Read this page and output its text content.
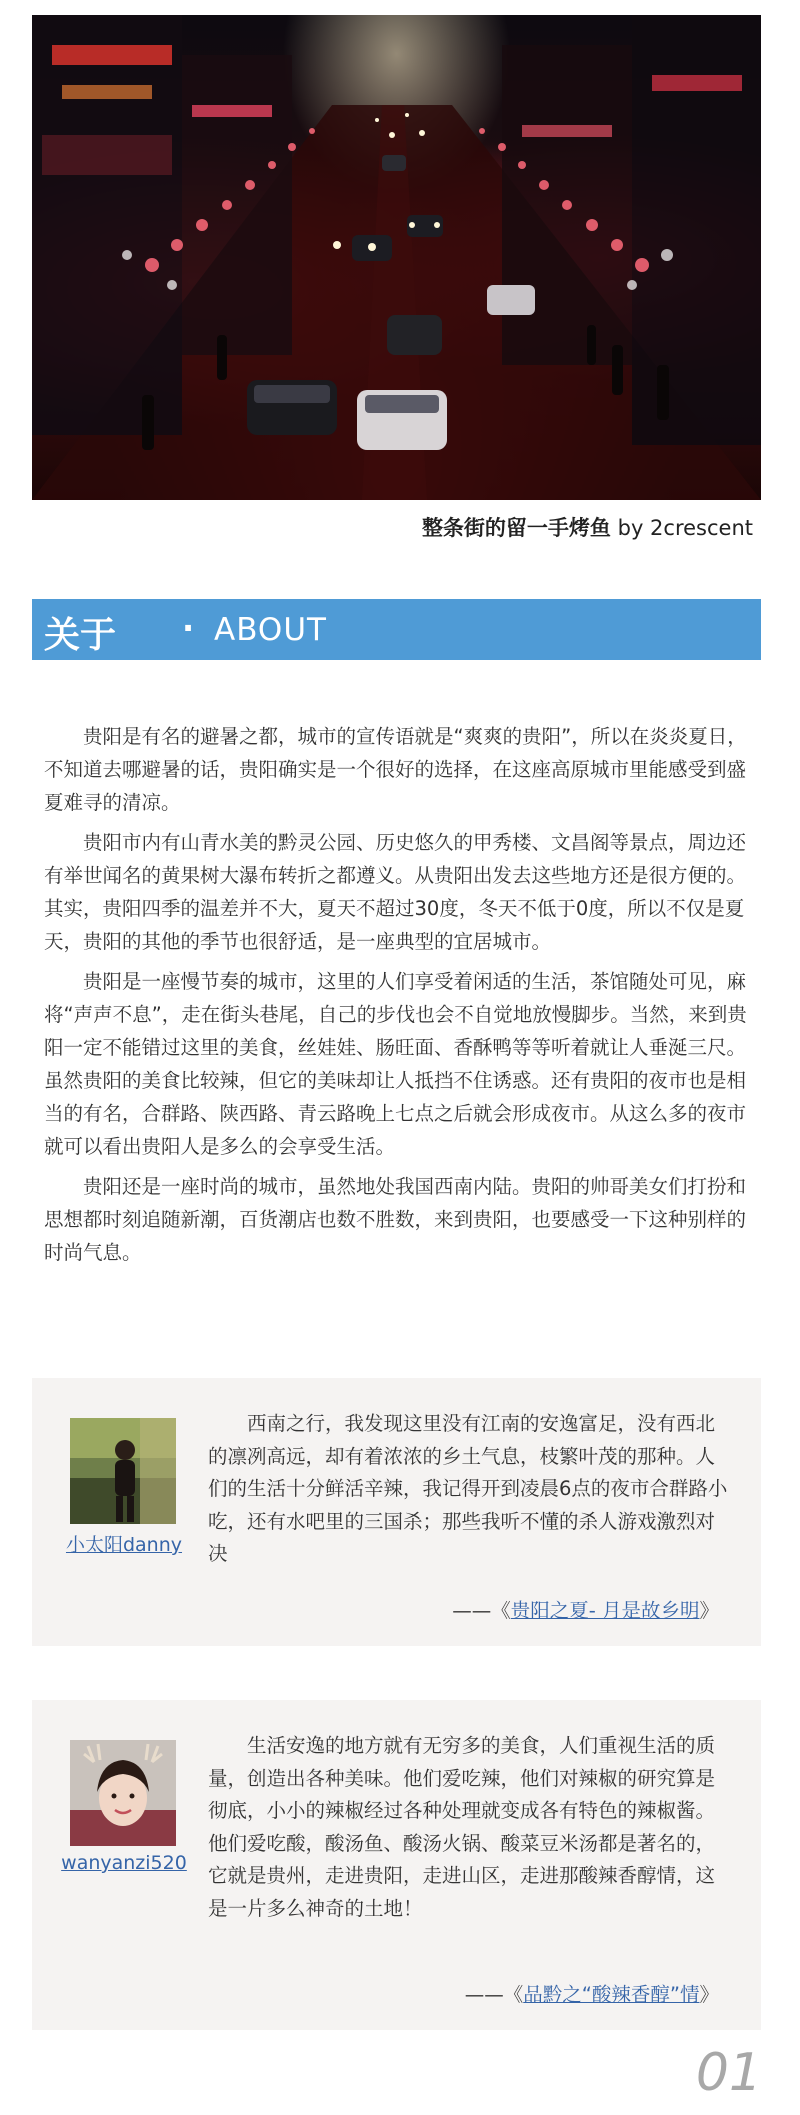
整条街的留一手烤鱼 by 2crescent
关于 · ABOUT

贵阳是有名的避暑之都，城市的宣传语就是“爽爽的贵阳”，所以在炎炎夏日，不知道去哪避暑的话，贵阳确实是一个很好的选择，在这座高原城市里能感受到盛夏难寻的清凉。

贵阳市内有山青水美的黔灵公园、历史悠久的甲秀楼、文昌阁等景点，周边还有举世闻名的黄果树大瀑布转折之都遵义。从贵阳出发去这些地方还是很方便的。其实，贵阳四季的温差并不大，夏天不超过30度，冬天不低于0度，所以不仅是夏天，贵阳的其他的季节也很舒适，是一座典型的宜居城市。

贵阳是一座慢节奏的城市，这里的人们享受着闲适的生活，茶馆随处可见，麻将“声声不息”，走在街头巷尾，自己的步伐也会不自觉地放慢脚步。当然，来到贵阳一定不能错过这里的美食，丝娃娃、肠旺面、香酥鸭等等听着就让人垂涎三尺。虽然贵阳的美食比较辣，但它的美味却让人抵挡不住诱惑。还有贵阳的夜市也是相当的有名，合群路、陕西路、青云路晚上七点之后就会形成夜市。从这么多的夜市就可以看出贵阳人是多么的会享受生活。

贵阳还是一座时尚的城市，虽然地处我国西南内陆。贵阳的帅哥美女们打扮和思想都时刻追随新潮，百货潮店也数不胜数，来到贵阳，也要感受一下这种别样的时尚气息。

小太阳danny
西南之行，我发现这里没有江南的安逸富足，没有西北的凛冽高远，却有着浓浓的乡土气息，枝繁叶茂的那种。人们的生活十分鲜活辛辣，我记得开到凌晨6点的夜市合群路小吃，还有水吧里的三国杀；那些我听不懂的杀人游戏激烈对决
——《贵阳之夏- 月是故乡明》
wanyanzi520
生活安逸的地方就有无穷多的美食，人们重视生活的质量，创造出各种美味。他们爱吃辣，他们对辣椒的研究算是彻底，小小的辣椒经过各种处理就变成各有特色的辣椒酱。他们爱吃酸，酸汤鱼、酸汤火锅、酸菜豆米汤都是著名的，它就是贵州，走进贵阳，走进山区，走进那酸辣香醇情，这是一片多么神奇的土地！
——《品黔之“酸辣香醇”情》
01
